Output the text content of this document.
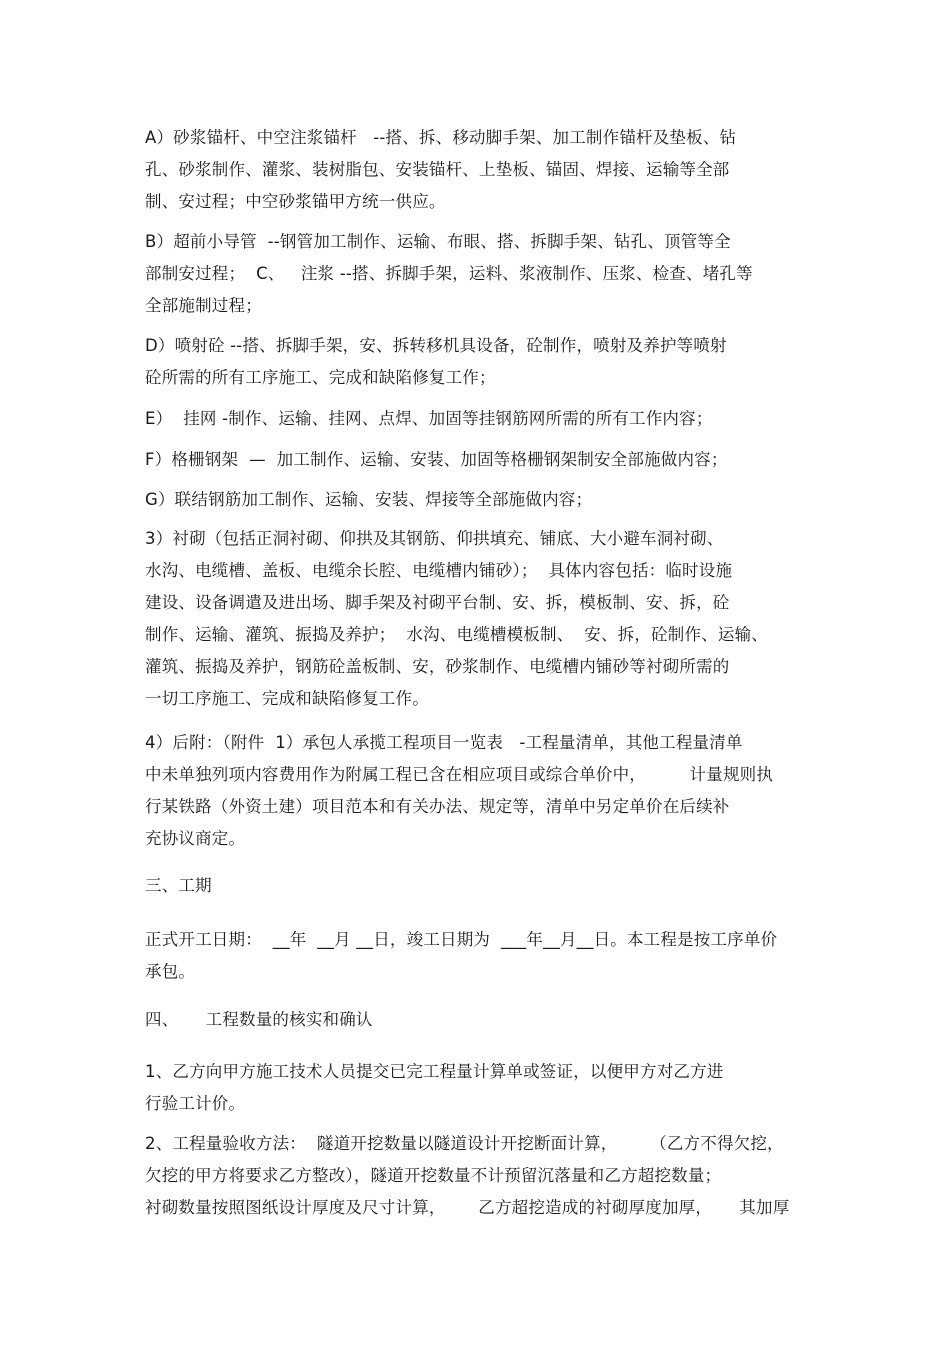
A）砂浆锚杆、中空注浆锚杆   --搭、拆、移动脚手架、加工制作锚杆及垫板、钻
孔、砂浆制作、灌浆、装树脂包、安装锚杆、上垫板、锚固、焊接、运输等全部
制、安过程；中空砂浆锚甲方统一供应。
B）超前小导管  --钢管加工制作、运输、布眼、搭、拆脚手架、钻孔、顶管等全
部制安过程；  C、   注浆 --搭、拆脚手架，运料、浆液制作、压浆、检查、堵孔等
全部施制过程；
D）喷射砼 --搭、拆脚手架，安、拆转移机具设备，砼制作，喷射及养护等喷射
砼所需的所有工序施工、完成和缺陷修复工作；
E）  挂网 -制作、运输、挂网、点焊、加固等挂钢筋网所需的所有工作内容；
F）格栅钢架  —  加工制作、运输、安装、加固等格栅钢架制安全部施做内容；
G）联结钢筋加工制作、运输、安装、焊接等全部施做内容；
3）衬砌（包括正洞衬砌、仰拱及其钢筋、仰拱填充、铺底、大小避车洞衬砌、
水沟、电缆槽、盖板、电缆余长腔、电缆槽内铺砂）；  具体内容包括：临时设施
建设、设备调遣及进出场、脚手架及衬砌平台制、安、拆，模板制、安、拆，砼
制作、运输、灌筑、振捣及养护；  水沟、电缆槽模板制、  安、拆，砼制作、运输、
灌筑、振捣及养护，钢筋砼盖板制、安，砂浆制作、电缆槽内铺砂等衬砌所需的
一切工序施工、完成和缺陷修复工作。
4）后附：（附件  1）承包人承揽工程项目一览表   -工程量清单，其他工程量清单
中未单独列项内容费用作为附属工程已含在相应项目或综合单价中，        计量规则执
行某铁路（外资土建）项目范本和有关办法、规定等，清单中另定单价在后续补
充协议商定。
三、工期
正式开工日期：  __年  __月 __日，竣工日期为  ___年__月__日。本工程是按工序单价
承包。
四、     工程数量的核实和确认
1、乙方向甲方施工技术人员提交已完工程量计算单或签证，以便甲方对乙方进
行验工计价。
2、工程量验收方法：  隧道开挖数量以隧道设计开挖断面计算，      （乙方不得欠挖，
欠挖的甲方将要求乙方整改），隧道开挖数量不计预留沉落量和乙方超挖数量；
衬砌数量按照图纸设计厚度及尺寸计算，      乙方超挖造成的衬砌厚度加厚，     其加厚
